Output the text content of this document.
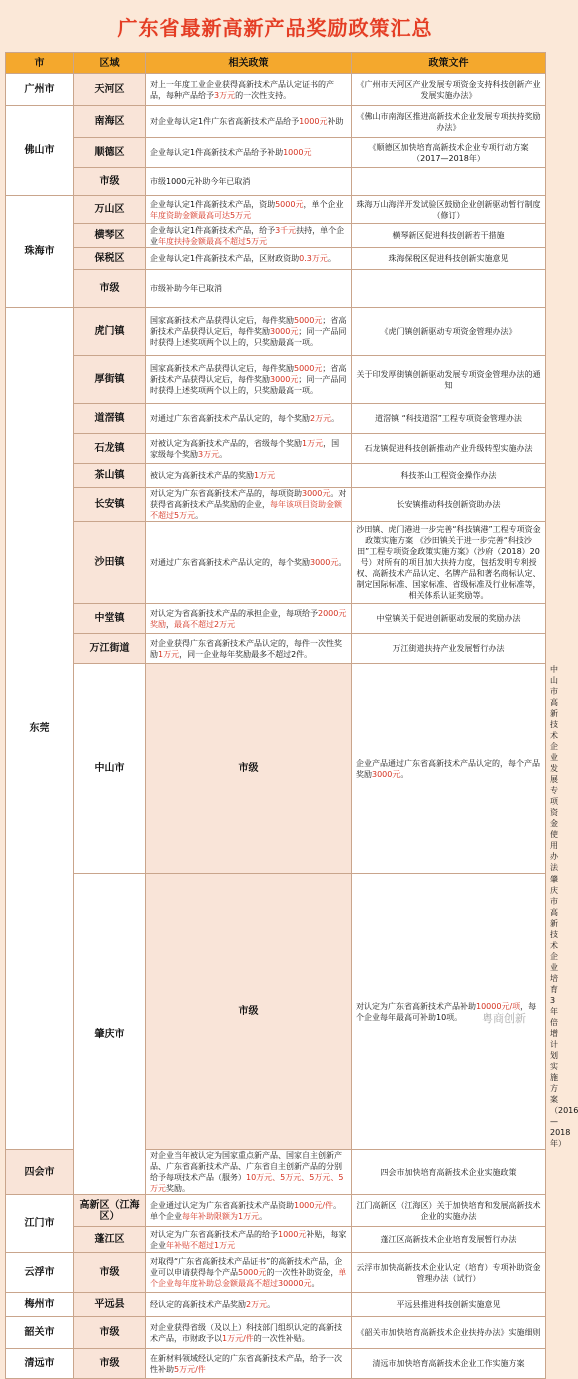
广东省最新高新产品奖励政策汇总
市	区域	相关政策	政策文件	
广州市	天河区	对上一年度工业企业获得高新技术产品认定证书的产品，每种产品给予3万元的一次性支持。	《广州市天河区产业发展专项资金支持科技创新产业发展实施办法》	
佛山市	南海区	对企业每认定1件广东省高新技术产品给予1000元补助	《佛山市南海区推进高新技术企业发展专项扶持奖励办法》	
	顺德区	企业每认定1件高新技术产品给予补助1000元	《顺德区加快培育高新技术企业专项行动方案（2017—2018年）	
	市级	市级1000元补助今年已取消		
珠海市	万山区	企业每认定1件高新技术产品，资助5000元，单个企业年度资助金额最高可达5万元	珠海万山海洋开发试验区鼓励企业创新驱动暂行制度（修订）	
	横琴区	企业每认定1件高新技术产品，给予3千元扶持，单个企业年度扶持金额最高不超过5万元	横琴新区促进科技创新若干措施	
	保税区	企业每认定1件高新技术产品，区财政资助0.3万元。	珠海保税区促进科技创新实施意见	
	市级	市级补助今年已取消		
东莞	虎门镇	国家高新技术产品获得认定后，每件奖励5000元；省高新技术产品获得认定后，每件奖励3000元；同一产品同时获得上述奖项两个以上的，只奖励最高一项。	《虎门镇创新驱动专项资金管理办法》	
	厚街镇	国家高新技术产品获得认定后，每件奖励5000元；省高新技术产品获得认定后，每件奖励3000元；同一产品同时获得上述奖项两个以上的，只奖励最高一项。	关于印发厚街镇创新驱动发展专项资金管理办法的通知	
	道滘镇	对通过广东省高新技术产品认定的，每个奖励2万元。	道滘镇 “科技道滘”工程专项资金管理办法	
	石龙镇	对被认定为高新技术产品的，省级每个奖励1万元，国家级每个奖励3万元。	石龙镇促进科技创新推动产业升级转型实施办法	
	茶山镇	被认定为高新技术产品的奖励1万元	科技茶山工程资金操作办法	
	长安镇	对认定为广东省高新技术产品的，每项资助3000元。对获得省高新技术产品奖励的企业，每年该项目资助金额不超过5万元。	长安镇推动科技创新资助办法	
	沙田镇	对通过广东省高新技术产品认定的，每个奖励3000元。	沙田镇、虎门港进一步完善“科技镇港”工程专项资金政策实施方案 《沙田镇关于进一步完善“科技沙田”工程专项资金政策实施方案》（沙府（2018）20号）对所有的项目加大扶持力度，包括发明专利授权、高新技术产品认定、名牌产品和著名商标认定、制定国际标准、国家标准、省级标准及行业标准等，相关体系认证奖励等。	
	中堂镇	对认定为省高新技术产品的承担企业，每项给予2000元奖励，最高不超过2万元	中堂镇关于促进创新驱动发展的奖励办法	
	万江街道	对企业获得广东省高新技术产品认定的，每件一次性奖励1万元，同一企业每年奖励最多不超过2件。	万江街道扶持产业发展暂行办法	
	中山市	市级	企业产品通过广东省高新技术产品认定的，每个产品奖励3000元。	中山市高新技术企业发展专项资金使用办法
	肇庆市	市级	对认定为广东省高新技术产品补助10000元/项，每个企业每年最高可补助10项。	肇庆市高新技术企业培育3年倍增计划实施方案（2016—2018年）
四会市		对企业当年被认定为国家重点新产品、国家自主创新产品、广东省高新技术产品、广东省自主创新产品的分别给予每项技术产品（服务）10万元、5万元、5万元、5万元奖励。	四会市加快培育高新技术企业实施政策	
江门市	高新区（江海区）	企业通过认定为广东省高新技术产品资助1000元/件。单个企业每年补助限额为1万元。	江门高新区（江海区）关于加快培育和发展高新技术企业的实施办法	
	蓬江区	对认定为广东省高新技术产品的给予1000元补贴，每家企业年补贴不超过1万元	蓬江区高新技术企业培育发展暂行办法	
云浮市	市级	对取得“广东省高新技术产品证书”的高新技术产品，企业可以申请获得每个产品5000元的一次性补助资金，单个企业每年度补助总金额最高不超过30000元。	云浮市加快高新技术企业认定（培育）专项补助资金管理办法（试行）	
梅州市	平远县	经认定的高新技术产品奖励2万元。	平远县推进科技创新实施意见	
韶关市	市级	对企业获得省级（及以上）科技部门组织认定的高新技术产品，市财政予以1万元/件的一次性补贴。	《韶关市加快培育高新技术企业扶持办法》实施细则	
清远市	市级	在新材料领域经认定的广东省高新技术产品，给予一次性补助5万元/件	清远市加快培育高新技术企业工作实施方案	
粤商创新
